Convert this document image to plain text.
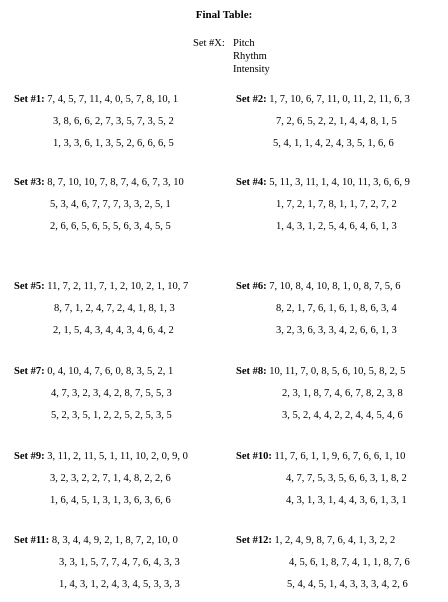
Final Table:
Set #X: Pitch
Rhythm
Intensity
Set #1: 7, 4, 5, 7, 11, 4, 0, 5, 7, 8, 10, 1
3, 8, 6, 6, 2, 7, 3, 5, 7, 3, 5, 2
1, 3, 3, 6, 1, 3, 5, 2, 6, 6, 6, 5
Set #2: 1, 7, 10, 6, 7, 11, 0, 11, 2, 11, 6, 3
7, 2, 6, 5, 2, 2, 1, 4, 4, 8, 1, 5
5, 4, 1, 1, 4, 2, 4, 3, 5, 1, 6, 6
Set #3: 8, 7, 10, 10, 7, 8, 7, 4, 6, 7, 3, 10
5, 3, 4, 6, 7, 7, 7, 3, 3, 2, 5, 1
2, 6, 6, 5, 6, 5, 5, 6, 3, 4, 5, 5
Set #4: 5, 11, 3, 11, 1, 4, 10, 11, 3, 6, 6, 9
1, 7, 2, 1, 7, 8, 1, 1, 7, 2, 7, 2
1, 4, 3, 1, 2, 5, 4, 6, 4, 6, 1, 3
Set #5: 11, 7, 2, 11, 7, 1, 2, 10, 2, 1, 10, 7
8, 7, 1, 2, 4, 7, 2, 4, 1, 8, 1, 3
2, 1, 5, 4, 3, 4, 4, 3, 4, 6, 4, 2
Set #6: 7, 10, 8, 4, 10, 8, 1, 0, 8, 7, 5, 6
8, 2, 1, 7, 6, 1, 6, 1, 8, 6, 3, 4
3, 2, 3, 6, 3, 3, 4, 2, 6, 6, 1, 3
Set #7: 0, 4, 10, 4, 7, 6, 0, 8, 3, 5, 2, 1
4, 7, 3, 2, 3, 4, 2, 8, 7, 5, 5, 3
5, 2, 3, 5, 1, 2, 2, 5, 2, 5, 3, 5
Set #8: 10, 11, 7, 0, 8, 5, 6, 10, 5, 8, 2, 5
2, 3, 1, 8, 7, 4, 6, 7, 8, 2, 3, 8
3, 5, 2, 4, 4, 2, 2, 4, 4, 5, 4, 6
Set #9: 3, 11, 2, 11, 5, 1, 11, 10, 2, 0, 9, 0
3, 2, 3, 2, 2, 7, 1, 4, 8, 2, 2, 6
1, 6, 4, 5, 1, 3, 1, 3, 6, 3, 6, 6
Set #10: 11, 7, 6, 1, 1, 9, 6, 7, 6, 6, 1, 10
4, 7, 7, 5, 3, 5, 6, 6, 3, 1, 8, 2
4, 3, 1, 3, 1, 4, 4, 3, 6, 1, 3, 1
Set #11: 8, 3, 4, 4, 9, 2, 1, 8, 7, 2, 10, 0
3, 3, 1, 5, 7, 7, 4, 7, 6, 4, 3, 3
1, 4, 3, 1, 2, 4, 3, 4, 5, 3, 3, 3
Set #12: 1, 2, 4, 9, 8, 7, 6, 4, 1, 3, 2, 2
4, 5, 6, 1, 8, 7, 4, 1, 1, 8, 7, 6
5, 4, 4, 5, 1, 4, 3, 3, 3, 4, 2, 6
